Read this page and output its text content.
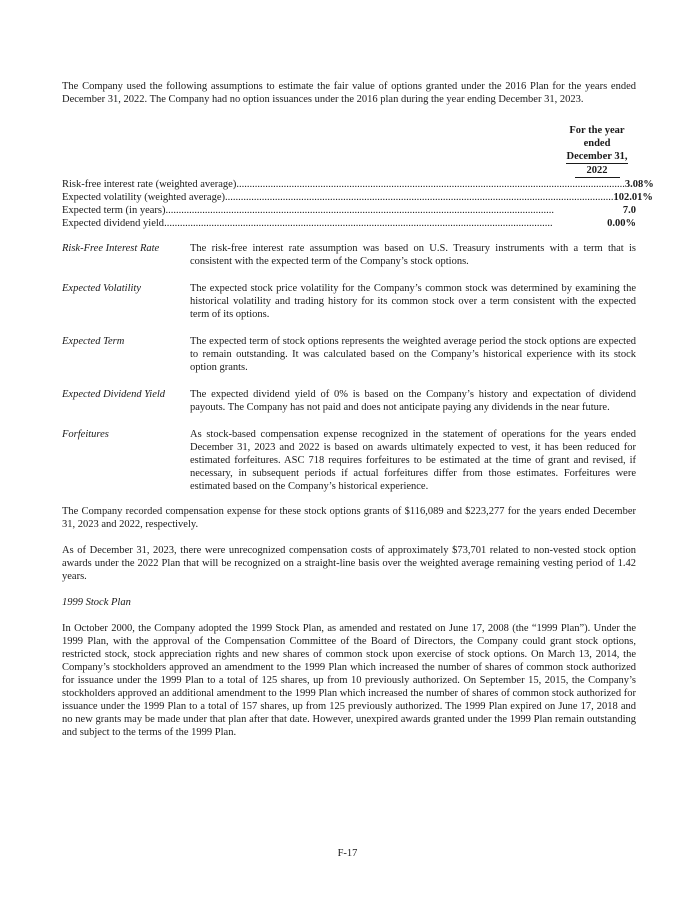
The Company used the following assumptions to estimate the fair value of options granted under the 2016 Plan for the years ended December 31, 2022. The Company had no option issuances under the 2016 plan during the year ending December 31, 2023.

For the year
ended
December 31,
2022
Risk-free interest rate (weighted average).................................................................................................................................................... 3.08%
Expected volatility (weighted average).................................................................................................................................................... 102.01%
Expected term (in years)....................................................................................................................................................	7.0
Expected dividend yield....................................................................................................................................................	0.00%
Risk-Free Interest Rate	The risk-free interest rate assumption was based on U.S. Treasury instruments with a term that is consistent with the expected term of the Company’s stock options.
Expected Volatility	The expected stock price volatility for the Company’s common stock was determined by examining the historical volatility and trading history for its common stock over a term consistent with the expected term of its options.
Expected Term	The expected term of stock options represents the weighted average period the stock options are expected to remain outstanding. It was calculated based on the Company’s historical experience with its stock option grants.
Expected Dividend Yield	The expected dividend yield of 0% is based on the Company’s history and expectation of dividend payouts. The Company has not paid and does not anticipate paying any dividends in the near future.
Forfeitures	As stock-based compensation expense recognized in the statement of operations for the years ended December 31, 2023 and 2022 is based on awards ultimately expected to vest, it has been reduced for estimated forfeitures. ASC 718 requires forfeitures to be estimated at the time of grant and revised, if necessary, in subsequent periods if actual forfeitures differ from those estimates. Forfeitures were estimated based on the Company’s historical experience.

The Company recorded compensation expense for these stock options grants of $116,089 and $223,277 for the years ended December 31, 2023 and 2022, respectively.

As of December 31, 2023, there were unrecognized compensation costs of approximately $73,701 related to non-vested stock option awards under the 2022 Plan that will be recognized on a straight-line basis over the weighted average remaining vesting period of 1.42 years.

1999 Stock Plan

In October 2000, the Company adopted the 1999 Stock Plan, as amended and restated on June 17, 2008 (the “1999 Plan”). Under the 1999 Plan, with the approval of the Compensation Committee of the Board of Directors, the Company could grant stock options, restricted stock, stock appreciation rights and new shares of common stock upon exercise of stock options. On March 13, 2014, the Company’s stockholders approved an amendment to the 1999 Plan which increased the number of shares of common stock authorized for issuance under the 1999 Plan to a total of 125 shares, up from 10 previously authorized. On September 15, 2015, the Company’s stockholders approved an additional amendment to the 1999 Plan which increased the number of shares of common stock authorized for issuance under the 1999 Plan to a total of 157 shares, up from 125 previously authorized. The 1999 Plan expired on June 17, 2018 and no new grants may be made under that plan after that date. However, unexpired awards granted under the 1999 Plan remain outstanding and subject to the terms of the 1999 Plan.

F-17
